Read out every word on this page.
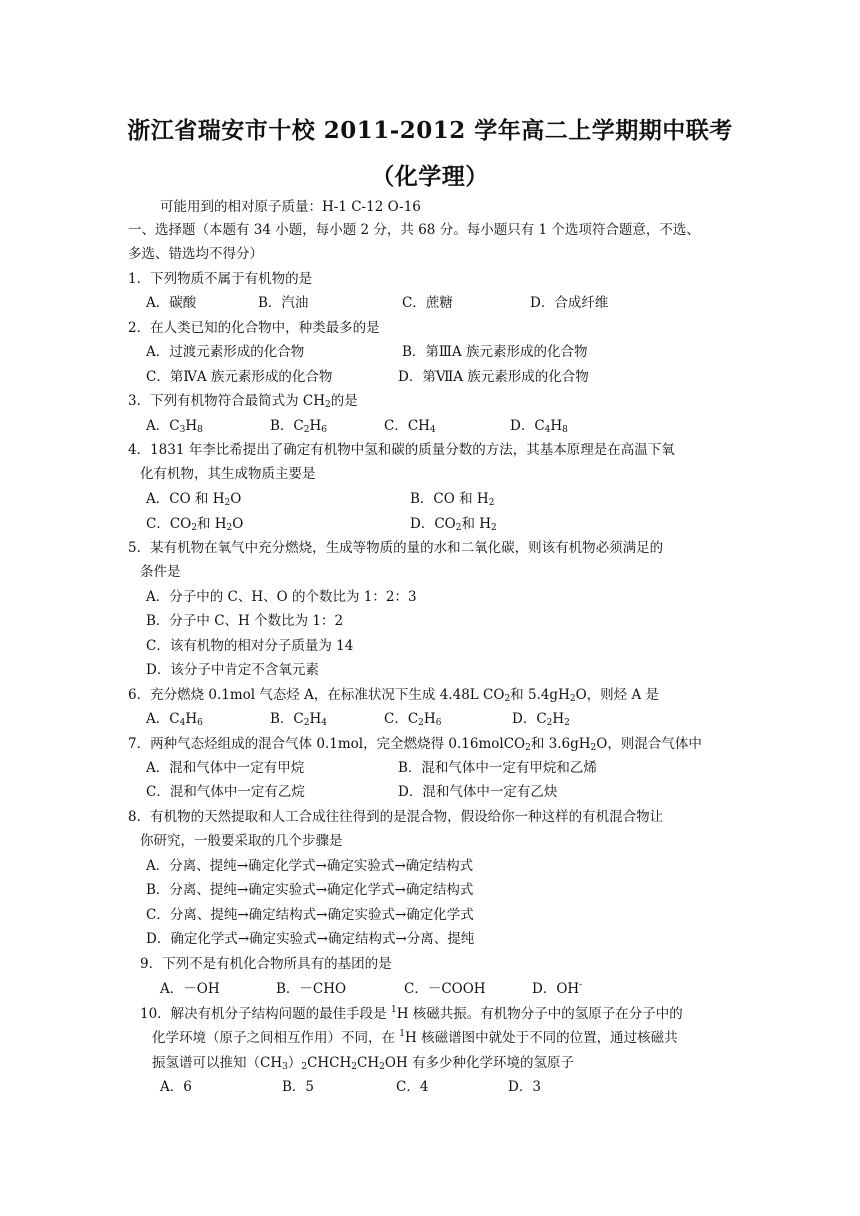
浙江省瑞安市十校 2011-2012 学年高二上学期期中联考
（化学理）
可能用到的相对原子质量：H-1 C-12 O-16
一、选择题（本题有 34 小题，每小题 2 分，共 68 分。每小题只有 1 个选项符合题意，不选、
多选、错选均不得分）
1．下列物质不属于有机物的是
A．碳酸	B．汽油	C．蔗糖	D．合成纤维
2．在人类已知的化合物中，种类最多的是
A．过渡元素形成的化合物	B．第ⅢA 族元素形成的化合物
C．第ⅣA 族元素形成的化合物	D．第ⅦA 族元素形成的化合物
3．下列有机物符合最简式为 $CH_2$的是
A．$C_3H_8$	B．$C_2H_6$	C．$CH_4$	D．$C_4H_8$
4．1831 年李比希提出了确定有机物中氢和碳的质量分数的方法，其基本原理是在高温下氧
化有机物，其生成物质主要是
A．CO 和 $H_2O$	B．CO 和 $H_2$
C．$CO_2$和 $H_2O$	D．$CO_2$和 $H_2$
5．某有机物在氧气中充分燃烧，生成等物质的量的水和二氧化碳，则该有机物必须满足的
条件是
A．分子中的 C、H、O 的个数比为 1：2：3
B．分子中 C、H 个数比为 1：2
C．该有机物的相对分子质量为 14
D．该分子中肯定不含氧元素
6．充分燃烧 0.1mol 气态烃 A，在标准状况下生成 4.48L $CO_2$和 $5.4gH_2O$，则烃 A 是
A．$C_4H_6$	B．$C_2H_4$	C．$C_2H_6$	D．$C_2H_2$
7．两种气态烃组成的混合气体 0.1mol，完全燃烧得 0.16molCO$_2$和 $3.6gH_2O$，则混合气体中
A．混和气体中一定有甲烷	B．混和气体中一定有甲烷和乙烯
C．混和气体中一定有乙烷	D．混和气体中一定有乙炔
8．有机物的天然提取和人工合成往往得到的是混合物，假设给你一种这样的有机混合物让
你研究，一般要采取的几个步骤是
A．分离、提纯→确定化学式→确定实验式→确定结构式
B．分离、提纯→确定实验式→确定化学式→确定结构式
C．分离、提纯→确定结构式→确定实验式→确定化学式
D．确定化学式→确定实验式→确定结构式→分离、提纯
9．下列不是有机化合物所具有的基团的是
A．－OH	B．－CHO	C．－COOH	D．OH-
10．解决有机分子结构问题的最佳手段是 $^1$H 核磁共振。有机物分子中的氢原子在分子中的
化学环境（原子之间相互作用）不同，在 $^1$H 核磁谱图中就处于不同的位置，通过核磁共
振氢谱可以推知$(CH_3)_2CHCH_2CH_2OH$ 有多少种化学环境的氢原子
A．6	B．5	C．4	D．3
